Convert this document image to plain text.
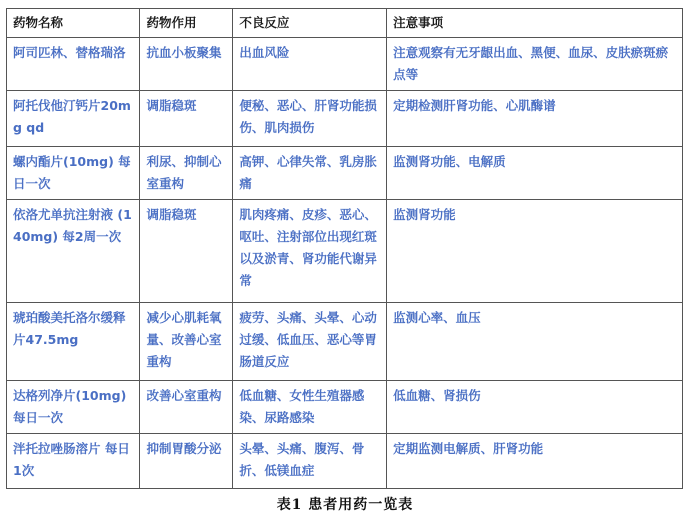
药物名称	药物作用	不良反应	注意事项
阿司匹林、替格瑞洛	抗血小板聚集	出血风险	注意观察有无牙龈出血、黑便、血尿、皮肤瘀斑瘀点等
阿托伐他汀钙片20mg qd	调脂稳斑	便秘、恶心、肝肾功能损伤、肌肉损伤	定期检测肝肾功能、心肌酶谱
螺内酯片(10mg) 每日一次	利尿、抑制心室重构	高钾、心律失常、乳房胀痛	监测肾功能、电解质
依洛尤单抗注射液 (140mg) 每2周一次	调脂稳斑	肌肉疼痛、皮疹、恶心、呕吐、注射部位出现红斑以及淤青、肾功能代谢异常	监测肾功能
琥珀酸美托洛尔缓释片47.5mg	减少心肌耗氧量、改善心室重构	疲劳、头痛、头晕、心动过缓、低血压、恶心等胃肠道反应	监测心率、血压
达格列净片(10mg) 每日一次	改善心室重构	低血糖、女性生殖器感染、尿路感染	低血糖、肾损伤
泮托拉唑肠溶片 每日1次	抑制胃酸分泌	头晕、头痛、腹泻、骨折、低镁血症	定期监测电解质、肝肾功能
表1 患者用药一览表
